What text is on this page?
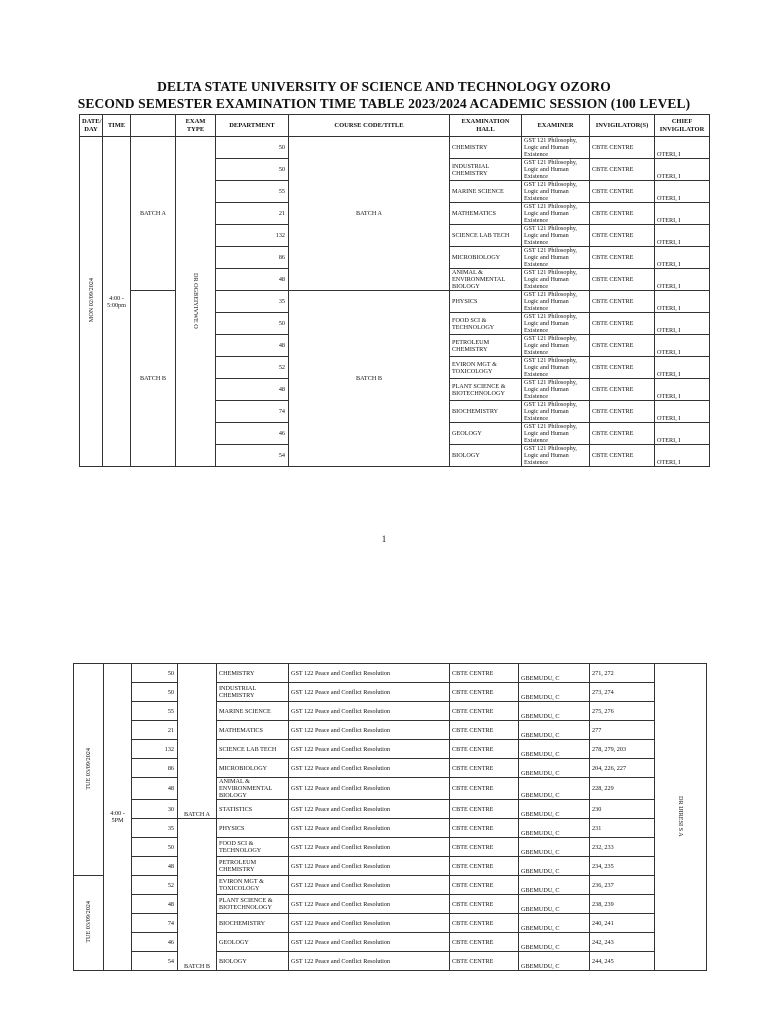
DELTA STATE UNIVERSITY OF SCIENCE AND TECHNOLOGY OZORO
SECOND SEMESTER EXAMINATION TIME TABLE 2023/2024 ACADEMIC SESSION (100 LEVEL)
DATE/ DAY	TIME		EXAM TYPE	DEPARTMENT	COURSE CODE/TITLE	EXAMINATION HALL	EXAMINER	INVIGILATOR(S)	CHIEF INVIGILATOR	
MON 02/09/2024	4:00 - 5:00pm	BATCH A	DR OGBEIYIVWE O	50	BATCH A	CHEMISTRY	GST 121 Philosophy, Logic and Human Existence	CBTE CENTRE	OTERI, I		
				50		INDUSTRIAL CHEMISTRY	GST 121 Philosophy, Logic and Human Existence	CBTE CENTRE	OTERI, I	
				55		MARINE SCIENCE	GST 121 Philosophy, Logic and Human Existence	CBTE CENTRE	OTERI, I	
				21		MATHEMATICS	GST 121 Philosophy, Logic and Human Existence	CBTE CENTRE	OTERI, I	
				132		SCIENCE LAB TECH	GST 121 Philosophy, Logic and Human Existence	CBTE CENTRE	OTERI, I	
				86		MICROBIOLOGY	GST 121 Philosophy, Logic and Human Existence	CBTE CENTRE	OTERI, I	
				48		ANIMAL & ENVIRONMENTAL BIOLOGY	GST 121 Philosophy, Logic and Human Existence	CBTE CENTRE	OTERI, I	
		BATCH B		35	BATCH B	PHYSICS	GST 121 Philosophy, Logic and Human Existence	CBTE CENTRE	OTERI, I	
				50		FOOD SCI & TECHNOLOGY	GST 121 Philosophy, Logic and Human Existence	CBTE CENTRE	OTERI, I	
				48		PETROLEUM CHEMISTRY	GST 121 Philosophy, Logic and Human Existence	CBTE CENTRE	OTERI, I	
				52		EVIRON MGT & TOXICOLOGY	GST 121 Philosophy, Logic and Human Existence	CBTE CENTRE	OTERI, I	
				48		PLANT SCIENCE & BIOTECHNOLOGY	GST 121 Philosophy, Logic and Human Existence	CBTE CENTRE	OTERI, I	
				74		BIOCHEMISTRY	GST 121 Philosophy, Logic and Human Existence	CBTE CENTRE	OTERI, I	
				46		GEOLOGY	GST 121 Philosophy, Logic and Human Existence	CBTE CENTRE	OTERI, I	
				54		BIOLOGY	GST 121 Philosophy, Logic and Human Existence	CBTE CENTRE	OTERI, I	
1
TUE 03/09/2024	4:00 - 5PM	50	BATCH A	CHEMISTRY	GST 122 Peace and Conflict Resolution	CBTE CENTRE	GBEMUDU, C	271, 272	DR IJIRESI S A
		50		INDUSTRIAL CHEMISTRY	GST 122 Peace and Conflict Resolution	CBTE CENTRE	GBEMUDU, C	273, 274	
		55		MARINE SCIENCE	GST 122 Peace and Conflict Resolution	CBTE CENTRE	GBEMUDU, C	275, 276	
		21		MATHEMATICS	GST 122 Peace and Conflict Resolution	CBTE CENTRE	GBEMUDU, C	277	
		132		SCIENCE LAB TECH	GST 122 Peace and Conflict Resolution	CBTE CENTRE	GBEMUDU, C	278, 279, 203	
		86		MICROBIOLOGY	GST 122 Peace and Conflict Resolution	CBTE CENTRE	GBEMUDU, C	204, 226, 227	
		48		ANIMAL & ENVIRONMENTAL BIOLOGY	GST 122 Peace and Conflict Resolution	CBTE CENTRE	GBEMUDU, C	228, 229	
		30		STATISTICS	GST 122 Peace and Conflict Resolution	CBTE CENTRE	GBEMUDU, C	230	
		35	BATCH B	PHYSICS	GST 122 Peace and Conflict Resolution	CBTE CENTRE	GBEMUDU, C	231	
		50		FOOD SCI & TECHNOLOGY	GST 122 Peace and Conflict Resolution	CBTE CENTRE	GBEMUDU, C	232, 233	
		48		PETROLEUM CHEMISTRY	GST 122 Peace and Conflict Resolution	CBTE CENTRE	GBEMUDU, C	234, 235	
TUE 03/09/2024		52		EVIRON MGT & TOXICOLOGY	GST 122 Peace and Conflict Resolution	CBTE CENTRE	GBEMUDU, C	236, 237	
		48		PLANT SCIENCE & BIOTECHNOLOGY	GST 122 Peace and Conflict Resolution	CBTE CENTRE	GBEMUDU, C	238, 239	
		74		BIOCHEMISTRY	GST 122 Peace and Conflict Resolution	CBTE CENTRE	GBEMUDU, C	240, 241	
		46		GEOLOGY	GST 122 Peace and Conflict Resolution	CBTE CENTRE	GBEMUDU, C	242, 243	
		54		BIOLOGY	GST 122 Peace and Conflict Resolution	CBTE CENTRE	GBEMUDU, C	244, 245	
